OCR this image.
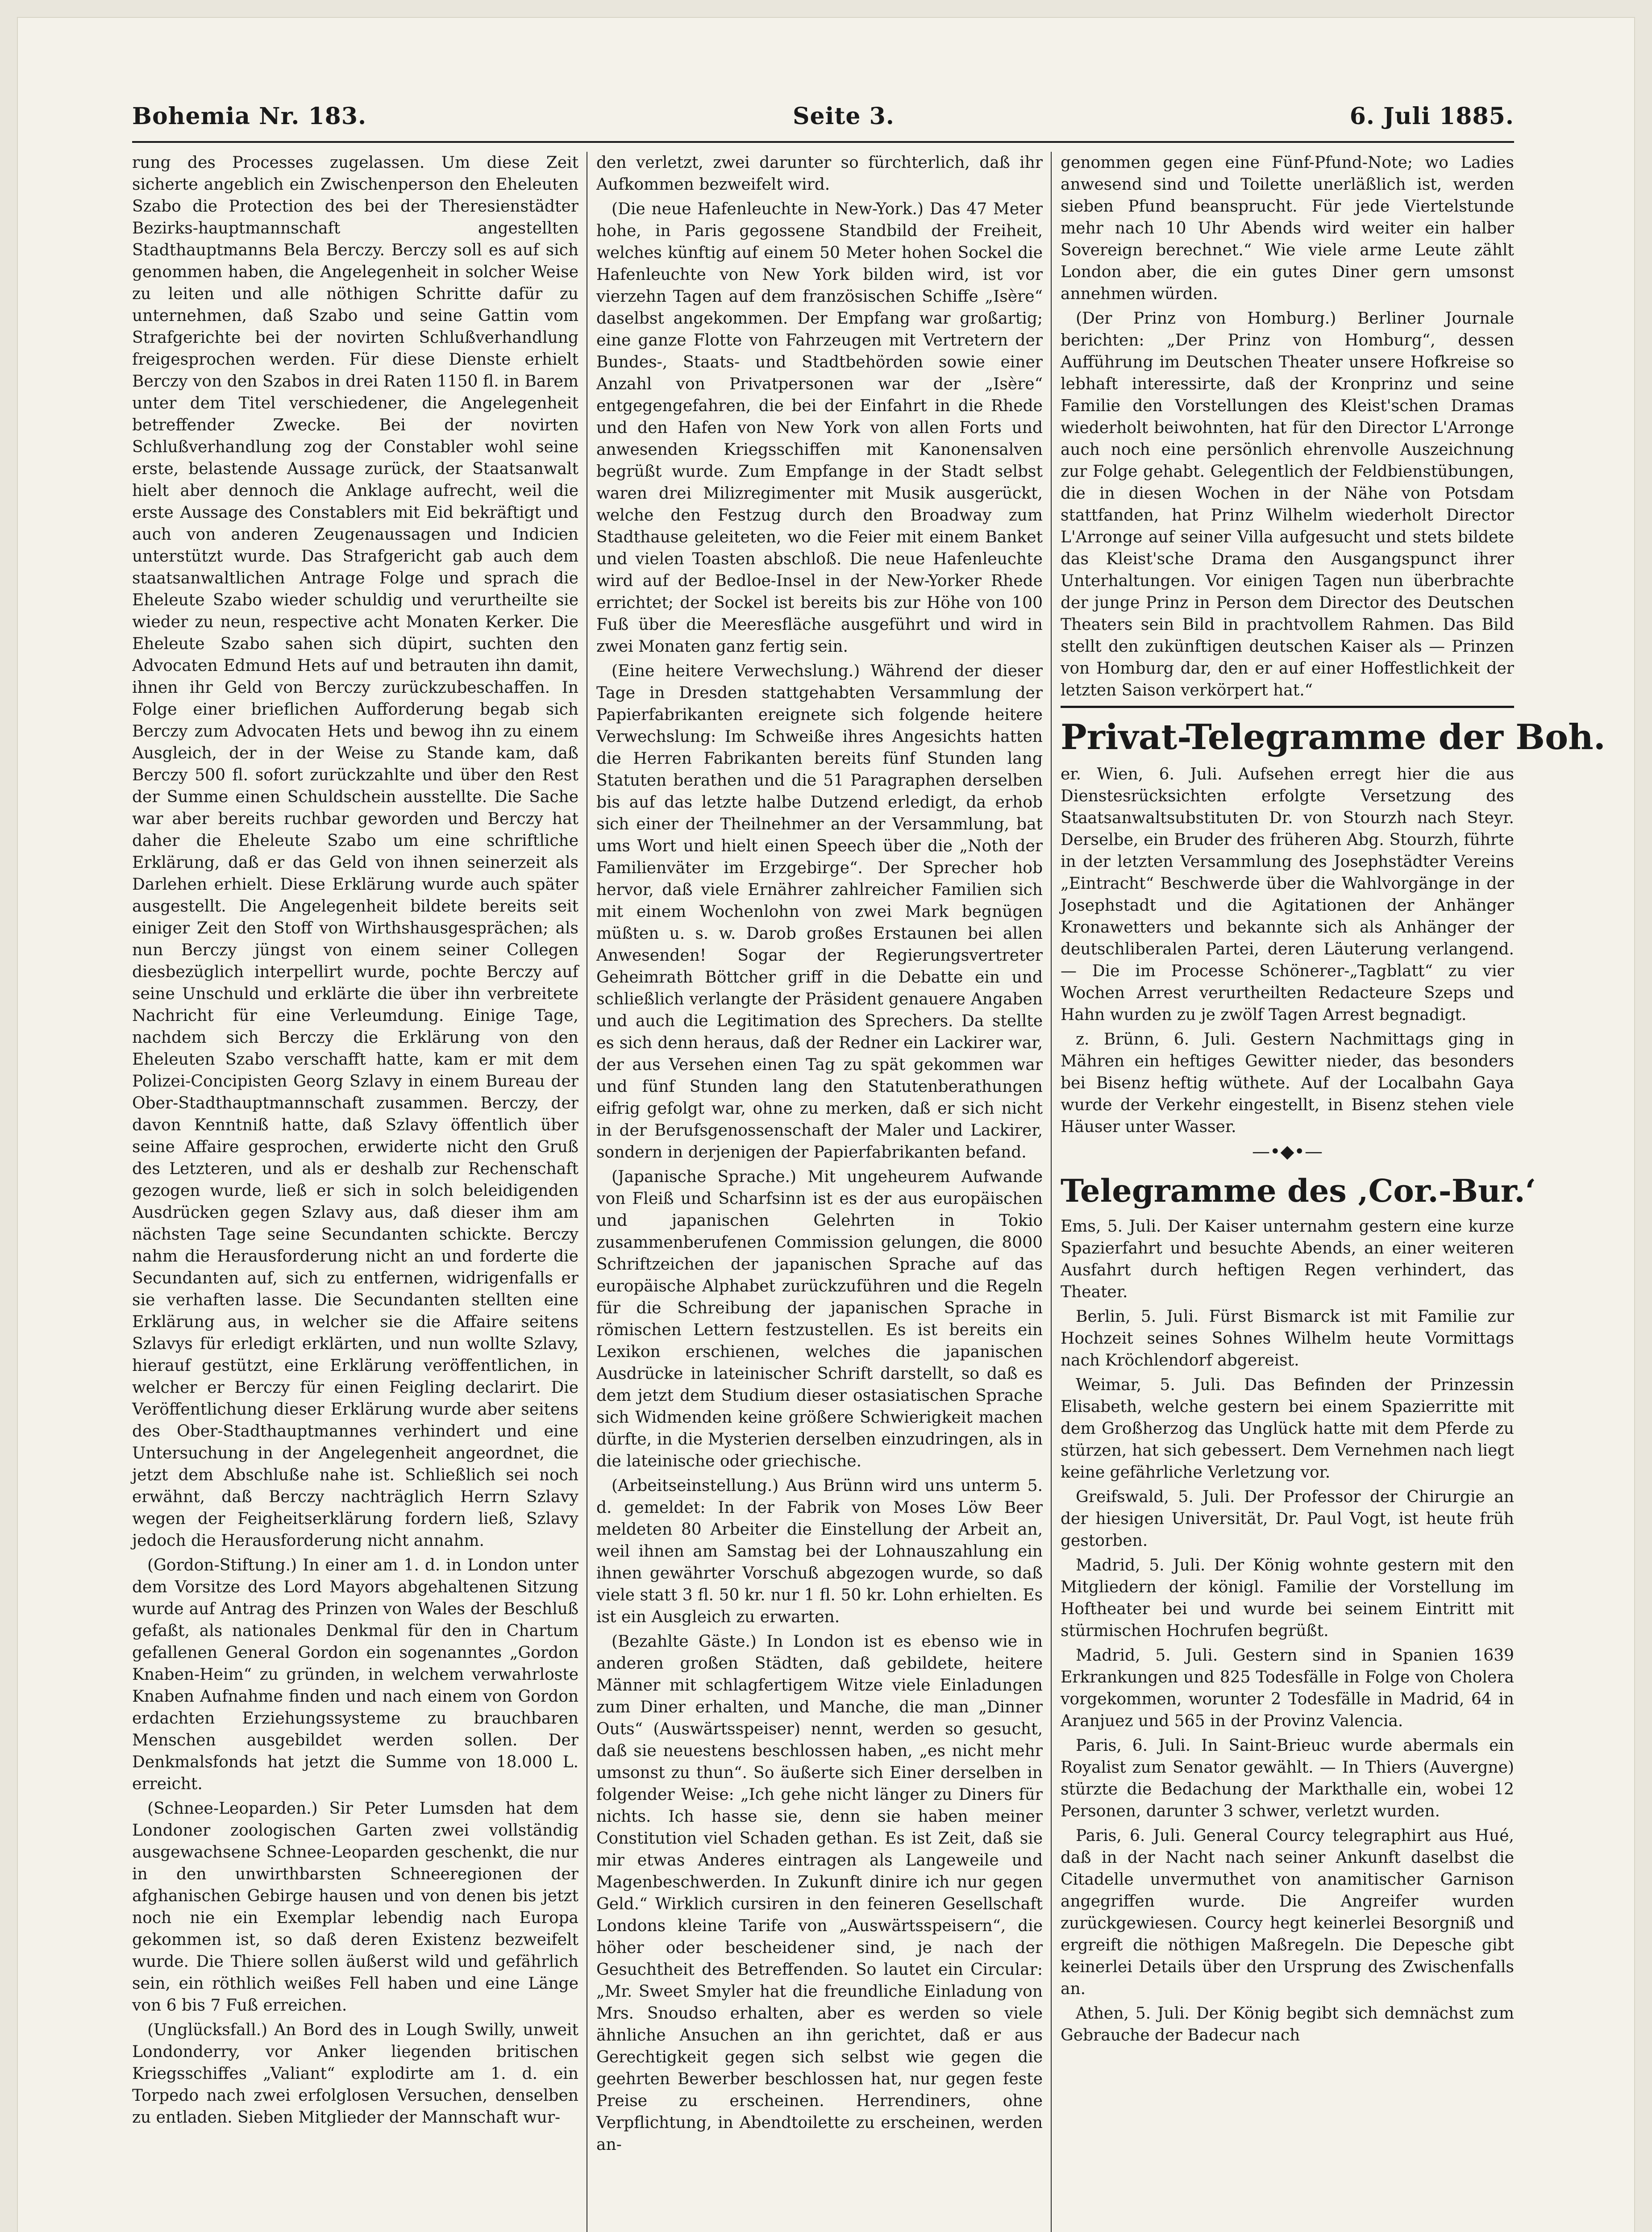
Bohemia Nr. 183.	Seite 3.	6. Juli 1885.

rung des Processes zugelassen. Um diese Zeit sicherte angeblich ein Zwischenperson den Eheleuten Szabo die Protection des bei der Theresienstädter Bezirks-hauptmannschaft angestellten Stadthauptmanns Bela Berczy. Berczy soll es auf sich genommen haben, die Angelegenheit in solcher Weise zu leiten und alle nöthigen Schritte dafür zu unternehmen, daß Szabo und seine Gattin vom Strafgerichte bei der novirten Schlußverhandlung freigesprochen werden. Für diese Dienste erhielt Berczy von den Szabos in drei Raten 1150 fl. in Barem unter dem Titel verschiedener, die Angelegenheit betreffender Zwecke. Bei der novirten Schlußverhandlung zog der Constabler wohl seine erste, belastende Aussage zurück, der Staatsanwalt hielt aber dennoch die Anklage aufrecht, weil die erste Aussage des Constablers mit Eid bekräftigt und auch von anderen Zeugenaussagen und Indicien unterstützt wurde. Das Strafgericht gab auch dem staatsanwaltlichen Antrage Folge und sprach die Eheleute Szabo wieder schuldig und verurtheilte sie wieder zu neun, respective acht Monaten Kerker. Die Eheleute Szabo sahen sich düpirt, suchten den Advocaten Edmund Hets auf und betrauten ihn damit, ihnen ihr Geld von Berczy zurückzubeschaffen. In Folge einer brieflichen Aufforderung begab sich Berczy zum Advocaten Hets und bewog ihn zu einem Ausgleich, der in der Weise zu Stande kam, daß Berczy 500 fl. sofort zurückzahlte und über den Rest der Summe einen Schuldschein ausstellte. Die Sache war aber bereits ruchbar geworden und Berczy hat daher die Eheleute Szabo um eine schriftliche Erklärung, daß er das Geld von ihnen seinerzeit als Darlehen erhielt. Diese Erklärung wurde auch später ausgestellt. Die Angelegenheit bildete bereits seit einiger Zeit den Stoff von Wirthshausgesprächen; als nun Berczy jüngst von einem seiner Collegen diesbezüglich interpellirt wurde, pochte Berczy auf seine Unschuld und erklärte die über ihn verbreitete Nachricht für eine Verleumdung. Einige Tage, nachdem sich Berczy die Erklärung von den Eheleuten Szabo verschafft hatte, kam er mit dem Polizei-Concipisten Georg Szlavy in einem Bureau der Ober-Stadthauptmannschaft zusammen. Berczy, der davon Kenntniß hatte, daß Szlavy öffentlich über seine Affaire gesprochen, erwiderte nicht den Gruß des Letzteren, und als er deshalb zur Rechenschaft gezogen wurde, ließ er sich in solch beleidigenden Ausdrücken gegen Szlavy aus, daß dieser ihm am nächsten Tage seine Secundanten schickte. Berczy nahm die Herausforderung nicht an und forderte die Secundanten auf, sich zu entfernen, widrigenfalls er sie verhaften lasse. Die Secundanten stellten eine Erklärung aus, in welcher sie die Affaire seitens Szlavys für erledigt erklärten, und nun wollte Szlavy, hierauf gestützt, eine Erklärung veröffentlichen, in welcher er Berczy für einen Feigling declarirt. Die Veröffentlichung dieser Erklärung wurde aber seitens des Ober-Stadthauptmannes verhindert und eine Untersuchung in der Angelegenheit angeordnet, die jetzt dem Abschluße nahe ist. Schließlich sei noch erwähnt, daß Berczy nachträglich Herrn Szlavy wegen der Feigheitserklärung fordern ließ, Szlavy jedoch die Herausforderung nicht annahm.

(Gordon-Stiftung.) In einer am 1. d. in London unter dem Vorsitze des Lord Mayors abgehaltenen Sitzung wurde auf Antrag des Prinzen von Wales der Beschluß gefaßt, als nationales Denkmal für den in Chartum gefallenen General Gordon ein sogenanntes „Gordon Knaben-Heim“ zu gründen, in welchem verwahrloste Knaben Aufnahme finden und nach einem von Gordon erdachten Erziehungssysteme zu brauchbaren Menschen ausgebildet werden sollen. Der Denkmalsfonds hat jetzt die Summe von 18.000 L. erreicht.

(Schnee-Leoparden.) Sir Peter Lumsden hat dem Londoner zoologischen Garten zwei vollständig ausgewachsene Schnee-Leoparden geschenkt, die nur in den unwirthbarsten Schneeregionen der afghanischen Gebirge hausen und von denen bis jetzt noch nie ein Exemplar lebendig nach Europa gekommen ist, so daß deren Existenz bezweifelt wurde. Die Thiere sollen äußerst wild und gefährlich sein, ein röthlich weißes Fell haben und eine Länge von 6 bis 7 Fuß erreichen.

(Unglücksfall.) An Bord des in Lough Swilly, unweit Londonderry, vor Anker liegenden britischen Kriegsschiffes „Valiant“ explodirte am 1. d. ein Torpedo nach zwei erfolglosen Versuchen, denselben zu entladen. Sieben Mitglieder der Mannschaft wur-

den verletzt, zwei darunter so fürchterlich, daß ihr Aufkommen bezweifelt wird.

(Die neue Hafenleuchte in New-York.) Das 47 Meter hohe, in Paris gegossene Standbild der Freiheit, welches künftig auf einem 50 Meter hohen Sockel die Hafenleuchte von New York bilden wird, ist vor vierzehn Tagen auf dem französischen Schiffe „Isère“ daselbst angekommen. Der Empfang war großartig; eine ganze Flotte von Fahrzeugen mit Vertretern der Bundes-, Staats- und Stadtbehörden sowie einer Anzahl von Privatpersonen war der „Isère“ entgegengefahren, die bei der Einfahrt in die Rhede und den Hafen von New York von allen Forts und anwesenden Kriegsschiffen mit Kanonensalven begrüßt wurde. Zum Empfange in der Stadt selbst waren drei Milizregimenter mit Musik ausgerückt, welche den Festzug durch den Broadway zum Stadthause geleiteten, wo die Feier mit einem Banket und vielen Toasten abschloß. Die neue Hafenleuchte wird auf der Bedloe-Insel in der New-Yorker Rhede errichtet; der Sockel ist bereits bis zur Höhe von 100 Fuß über die Meeresfläche ausgeführt und wird in zwei Monaten ganz fertig sein.

(Eine heitere Verwechslung.) Während der dieser Tage in Dresden stattgehabten Versammlung der Papierfabrikanten ereignete sich folgende heitere Verwechslung: Im Schweiße ihres Angesichts hatten die Herren Fabrikanten bereits fünf Stunden lang Statuten berathen und die 51 Paragraphen derselben bis auf das letzte halbe Dutzend erledigt, da erhob sich einer der Theilnehmer an der Versammlung, bat ums Wort und hielt einen Speech über die „Noth der Familienväter im Erzgebirge“. Der Sprecher hob hervor, daß viele Ernährer zahlreicher Familien sich mit einem Wochenlohn von zwei Mark begnügen müßten u. s. w. Darob großes Erstaunen bei allen Anwesenden! Sogar der Regierungsvertreter Geheimrath Böttcher griff in die Debatte ein und schließlich verlangte der Präsident genauere Angaben und auch die Legitimation des Sprechers. Da stellte es sich denn heraus, daß der Redner ein Lackirer war, der aus Versehen einen Tag zu spät gekommen war und fünf Stunden lang den Statutenberathungen eifrig gefolgt war, ohne zu merken, daß er sich nicht in der Berufsgenossenschaft der Maler und Lackirer, sondern in derjenigen der Papierfabrikanten befand.

(Japanische Sprache.) Mit ungeheurem Aufwande von Fleiß und Scharfsinn ist es der aus europäischen und japanischen Gelehrten in Tokio zusammenberufenen Commission gelungen, die 8000 Schriftzeichen der japanischen Sprache auf das europäische Alphabet zurückzuführen und die Regeln für die Schreibung der japanischen Sprache in römischen Lettern festzustellen. Es ist bereits ein Lexikon erschienen, welches die japanischen Ausdrücke in lateinischer Schrift darstellt, so daß es dem jetzt dem Studium dieser ostasiatischen Sprache sich Widmenden keine größere Schwierigkeit machen dürfte, in die Mysterien derselben einzudringen, als in die lateinische oder griechische.

(Arbeitseinstellung.) Aus Brünn wird uns unterm 5. d. gemeldet: In der Fabrik von Moses Löw Beer meldeten 80 Arbeiter die Einstellung der Arbeit an, weil ihnen am Samstag bei der Lohnauszahlung ein ihnen gewährter Vorschuß abgezogen wurde, so daß viele statt 3 fl. 50 kr. nur 1 fl. 50 kr. Lohn erhielten. Es ist ein Ausgleich zu erwarten.

(Bezahlte Gäste.) In London ist es ebenso wie in anderen großen Städten, daß gebildete, heitere Männer mit schlagfertigem Witze viele Einladungen zum Diner erhalten, und Manche, die man „Dinner Outs“ (Auswärtsspeiser) nennt, werden so gesucht, daß sie neuestens beschlossen haben, „es nicht mehr umsonst zu thun“. So äußerte sich Einer derselben in folgender Weise: „Ich gehe nicht länger zu Diners für nichts. Ich hasse sie, denn sie haben meiner Constitution viel Schaden gethan. Es ist Zeit, daß sie mir etwas Anderes eintragen als Langeweile und Magenbeschwerden. In Zukunft dinire ich nur gegen Geld.“ Wirklich cursiren in den feineren Gesellschaft Londons kleine Tarife von „Auswärtsspeisern“, die höher oder bescheidener sind, je nach der Gesuchtheit des Betreffenden. So lautet ein Circular: „Mr. Sweet Smyler hat die freundliche Einladung von Mrs. Snoudso erhalten, aber es werden so viele ähnliche Ansuchen an ihn gerichtet, daß er aus Gerechtigkeit gegen sich selbst wie gegen die geehrten Bewerber beschlossen hat, nur gegen feste Preise zu erscheinen. Herrendiners, ohne Verpflichtung, in Abendtoilette zu erscheinen, werden an-

genommen gegen eine Fünf-Pfund-Note; wo Ladies anwesend sind und Toilette unerläßlich ist, werden sieben Pfund beansprucht. Für jede Viertelstunde mehr nach 10 Uhr Abends wird weiter ein halber Sovereign berechnet.“ Wie viele arme Leute zählt London aber, die ein gutes Diner gern umsonst annehmen würden.

(Der Prinz von Homburg.) Berliner Journale berichten: „Der Prinz von Homburg“, dessen Aufführung im Deutschen Theater unsere Hofkreise so lebhaft interessirte, daß der Kronprinz und seine Familie den Vorstellungen des Kleist'schen Dramas wiederholt beiwohnten, hat für den Director L'Arronge auch noch eine persönlich ehrenvolle Auszeichnung zur Folge gehabt. Gelegentlich der Feldbienstübungen, die in diesen Wochen in der Nähe von Potsdam stattfanden, hat Prinz Wilhelm wiederholt Director L'Arronge auf seiner Villa aufgesucht und stets bildete das Kleist'sche Drama den Ausgangspunct ihrer Unterhaltungen. Vor einigen Tagen nun überbrachte der junge Prinz in Person dem Director des Deutschen Theaters sein Bild in prachtvollem Rahmen. Das Bild stellt den zukünftigen deutschen Kaiser als — Prinzen von Homburg dar, den er auf einer Hoffestlichkeit der letzten Saison verkörpert hat.“

Privat-Telegramme der Boh.

er. Wien, 6. Juli. Aufsehen erregt hier die aus Dienstesrücksichten erfolgte Versetzung des Staatsanwaltsubstituten Dr. von Stourzh nach Steyr. Derselbe, ein Bruder des früheren Abg. Stourzh, führte in der letzten Versammlung des Josephstädter Vereins „Eintracht“ Beschwerde über die Wahlvorgänge in der Josephstadt und die Agitationen der Anhänger Kronawetters und bekannte sich als Anhänger der deutschliberalen Partei, deren Läuterung verlangend. — Die im Processe Schönerer-„Tagblatt“ zu vier Wochen Arrest verurtheilten Redacteure Szeps und Hahn wurden zu je zwölf Tagen Arrest begnadigt.

z. Brünn, 6. Juli. Gestern Nachmittags ging in Mähren ein heftiges Gewitter nieder, das besonders bei Bisenz heftig wüthete. Auf der Localbahn Gaya wurde der Verkehr eingestellt, in Bisenz stehen viele Häuser unter Wasser.

—•◆•—
Telegramme des ‚Cor.-Bur.‘

Ems, 5. Juli. Der Kaiser unternahm gestern eine kurze Spazierfahrt und besuchte Abends, an einer weiteren Ausfahrt durch heftigen Regen verhindert, das Theater.

Berlin, 5. Juli. Fürst Bismarck ist mit Familie zur Hochzeit seines Sohnes Wilhelm heute Vormittags nach Kröchlendorf abgereist.

Weimar, 5. Juli. Das Befinden der Prinzessin Elisabeth, welche gestern bei einem Spazierritte mit dem Großherzog das Unglück hatte mit dem Pferde zu stürzen, hat sich gebessert. Dem Vernehmen nach liegt keine gefährliche Verletzung vor.

Greifswald, 5. Juli. Der Professor der Chirurgie an der hiesigen Universität, Dr. Paul Vogt, ist heute früh gestorben.

Madrid, 5. Juli. Der König wohnte gestern mit den Mitgliedern der königl. Familie der Vorstellung im Hoftheater bei und wurde bei seinem Eintritt mit stürmischen Hochrufen begrüßt.

Madrid, 5. Juli. Gestern sind in Spanien 1639 Erkrankungen und 825 Todesfälle in Folge von Cholera vorgekommen, worunter 2 Todesfälle in Madrid, 64 in Aranjuez und 565 in der Provinz Valencia.

Paris, 6. Juli. In Saint-Brieuc wurde abermals ein Royalist zum Senator gewählt. — In Thiers (Auvergne) stürzte die Bedachung der Markthalle ein, wobei 12 Personen, darunter 3 schwer, verletzt wurden.

Paris, 6. Juli. General Courcy telegraphirt aus Hué, daß in der Nacht nach seiner Ankunft daselbst die Citadelle unvermuthet von anamitischer Garnison angegriffen wurde. Die Angreifer wurden zurückgewiesen. Courcy hegt keinerlei Besorgniß und ergreift die nöthigen Maßregeln. Die Depesche gibt keinerlei Details über den Ursprung des Zwischenfalls an.

Athen, 5. Juli. Der König begibt sich demnächst zum Gebrauche der Badecur nach
